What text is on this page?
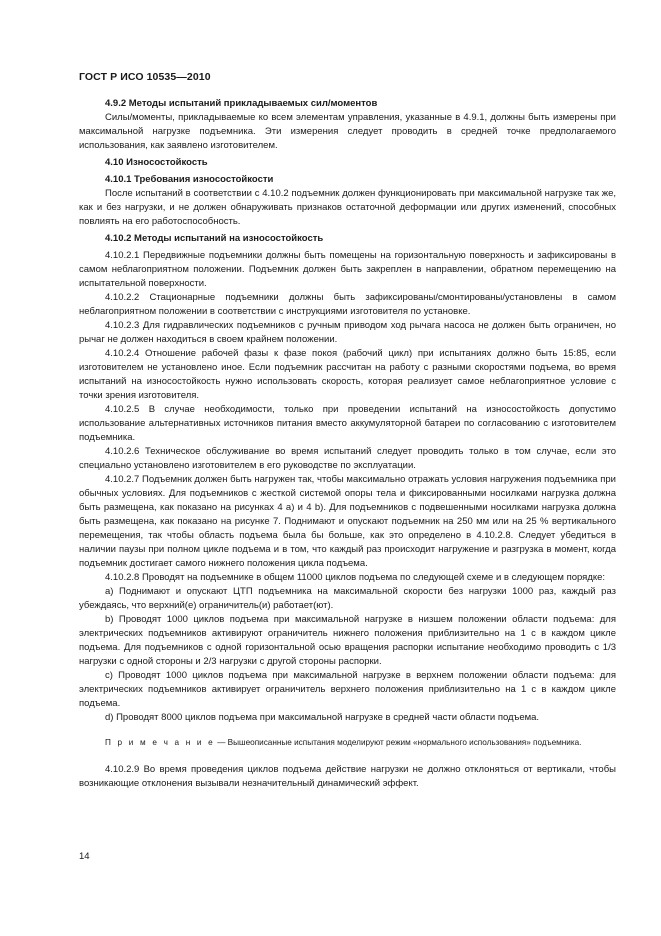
ГОСТ Р ИСО 10535—2010

4.9.2 Методы испытаний прикладываемых сил/моментов

Силы/моменты, прикладываемые ко всем элементам управления, указанные в 4.9.1, должны быть измерены при максимальной нагрузке подъемника. Эти измерения следует проводить в средней точке предполагаемого использования, как заявлено изготовителем.

4.10 Износостойкость

4.10.1 Требования износостойкости

После испытаний в соответствии с 4.10.2 подъемник должен функционировать при максимальной нагрузке так же, как и без нагрузки, и не должен обнаруживать признаков остаточной деформации или других изменений, способных повлиять на его работоспособность.

4.10.2 Методы испытаний на износостойкость

4.10.2.1 Передвижные подъемники должны быть помещены на горизонтальную поверхность и зафиксированы в самом неблагоприятном положении. Подъемник должен быть закреплен в направлении, обратном перемещению на испытательной поверхности.

4.10.2.2 Стационарные подъемники должны быть зафиксированы/смонтированы/установлены в самом неблагоприятном положении в соответствии с инструкциями изготовителя по установке.

4.10.2.3 Для гидравлических подъемников с ручным приводом ход рычага насоса не должен быть ограничен, но рычаг не должен находиться в своем крайнем положении.

4.10.2.4 Отношение рабочей фазы к фазе покоя (рабочий цикл) при испытаниях должно быть 15:85, если изготовителем не установлено иное. Если подъемник рассчитан на работу с разными скоростями подъема, во время испытаний на износостойкость нужно использовать скорость, которая реализует самое неблагоприятное условие с точки зрения изготовителя.

4.10.2.5 В случае необходимости, только при проведении испытаний на износостойкость допустимо использование альтернативных источников питания вместо аккумуляторной батареи по согласованию с изготовителем подъемника.

4.10.2.6 Техническое обслуживание во время испытаний следует проводить только в том случае, если это специально установлено изготовителем в его руководстве по эксплуатации.

4.10.2.7 Подъемник должен быть нагружен так, чтобы максимально отражать условия нагружения подъемника при обычных условиях. Для подъемников с жесткой системой опоры тела и фиксированными носилками нагрузка должна быть размещена, как показано на рисунках 4 a) и 4 b). Для подъемников с подвешенными носилками нагрузка должна быть размещена, как показано на рисунке 7. Поднимают и опускают подъемник на 250 мм или на 25 % вертикального перемещения, так чтобы область подъема была бы больше, как это определено в 4.10.2.8. Следует убедиться в наличии паузы при полном цикле подъема и в том, что каждый раз происходит нагружение и разгрузка в момент, когда подъемник достигает самого нижнего положения цикла подъема.

4.10.2.8 Проводят на подъемнике в общем 11000 циклов подъема по следующей схеме и в следующем порядке:

a) Поднимают и опускают ЦТП подъемника на максимальной скорости без нагрузки 1000 раз, каждый раз убеждаясь, что верхний(е) ограничитель(и) работает(ют).

b) Проводят 1000 циклов подъема при максимальной нагрузке в низшем положении области подъема: для электрических подъемников активируют ограничитель нижнего положения приблизительно на 1 с в каждом цикле подъема. Для подъемников с одной горизонтальной осью вращения распорки испытание необходимо проводить с 1/3 нагрузки с одной стороны и 2/3 нагрузки с другой стороны распорки.

c) Проводят 1000 циклов подъема при максимальной нагрузке в верхнем положении области подъема: для электрических подъемников активирует ограничитель верхнего положения приблизительно на 1 с в каждом цикле подъема.

d) Проводят 8000 циклов подъема при максимальной нагрузке в средней части области подъема.

П р и м е ч а н и е — Вышеописанные испытания моделируют режим «нормального использования» подъемника.

4.10.2.9 Во время проведения циклов подъема действие нагрузки не должно отклоняться от вертикали, чтобы возникающие отклонения вызывали незначительный динамический эффект.

14
